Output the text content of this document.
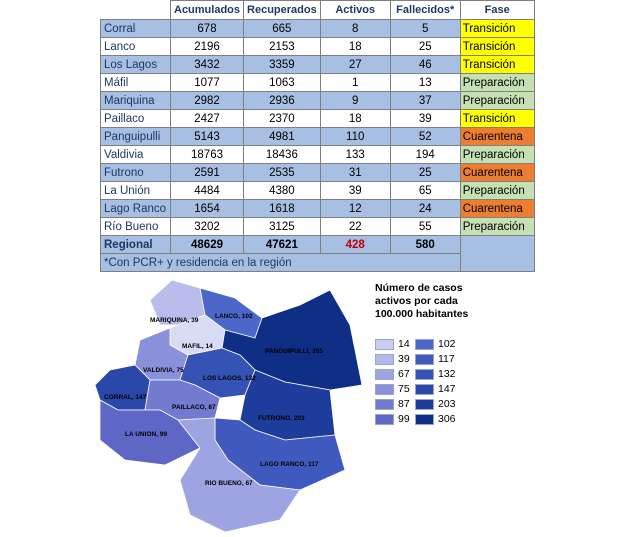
	Acumulados	Recuperados	Activos	Fallecidos*	Fase
Corral	678	665	8	5	Transición
Lanco	2196	2153	18	25	Transición
Los Lagos	3432	3359	27	46	Transición
Máfil	1077	1063	1	13	Preparación
Mariquina	2982	2936	9	37	Preparación
Paillaco	2427	2370	18	39	Transición
Panguipulli	5143	4981	110	52	Cuarentena
Valdivia	18763	18436	133	194	Preparación
Futrono	2591	2535	31	25	Cuarentena
La Unión	4484	4380	39	65	Preparación
Lago Ranco	1654	1618	12	24	Cuarentena
Río Bueno	3202	3125	22	55	Preparación
Regional	48629	47621	428	580	
*Con PCR+ y residencia en la región					
MARIQUINA, 39
LANCO, 102
MAFIL, 14
PANGUIPULLI, 355
VALDIVIA, 75
LOS LAGOS, 132
CORRAL, 147
PAILLACO, 87
FUTRONO, 203
LA UNION, 99
LAGO RANCO, 117
RIO BUENO, 67
Número de casos
activos por cada
100.000 habitantes
14	102
39	117
67	132
75	147
87	203
99	306
